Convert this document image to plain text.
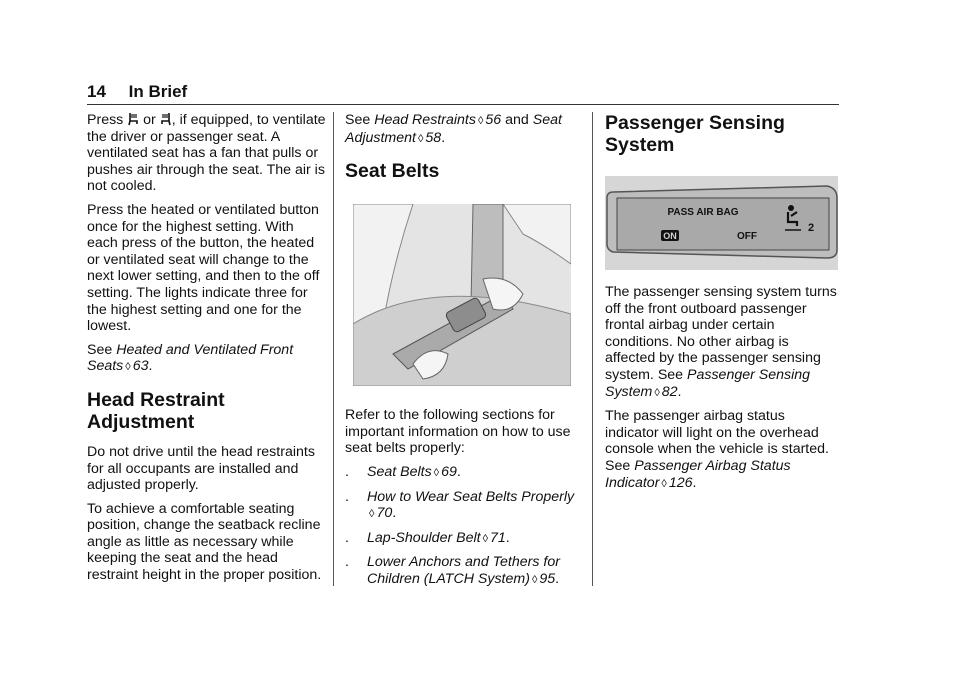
14 In Brief

Press or , if equipped, to ventilate the driver or passenger seat. A ventilated seat has a fan that pulls or pushes air through the seat. The air is not cooled.

Press the heated or ventilated button once for the highest setting. With each press of the button, the heated or ventilated seat will change to the next lower setting, and then to the off setting. The lights indicate three for the highest setting and one for the lowest.

See Heated and Ventilated Front Seats ◊ 63.

Head Restraint Adjustment

Do not drive until the head restraints for all occupants are installed and adjusted properly.

To achieve a comfortable seating position, change the seatback recline angle as little as necessary while keeping the seat and the head restraint height in the proper position.

See Head Restraints ◊ 56 and Seat Adjustment ◊ 58.

Seat Belts

Refer to the following sections for important information on how to use seat belts properly:

.	Seat Belts ◊ 69.
.	How to Wear Seat Belts Properly
◊ 70.
.	Lap-Shoulder Belt ◊ 71.
.	Lower Anchors and Tethers for Children (LATCH System) ◊ 95.
Passenger Sensing System
PASS AIR BAG
ON	OFF
2

The passenger sensing system turns off the front outboard passenger frontal airbag under certain conditions. No other airbag is affected by the passenger sensing system. See Passenger Sensing System ◊ 82.

The passenger airbag status indicator will light on the overhead console when the vehicle is started. See Passenger Airbag Status Indicator ◊ 126.
